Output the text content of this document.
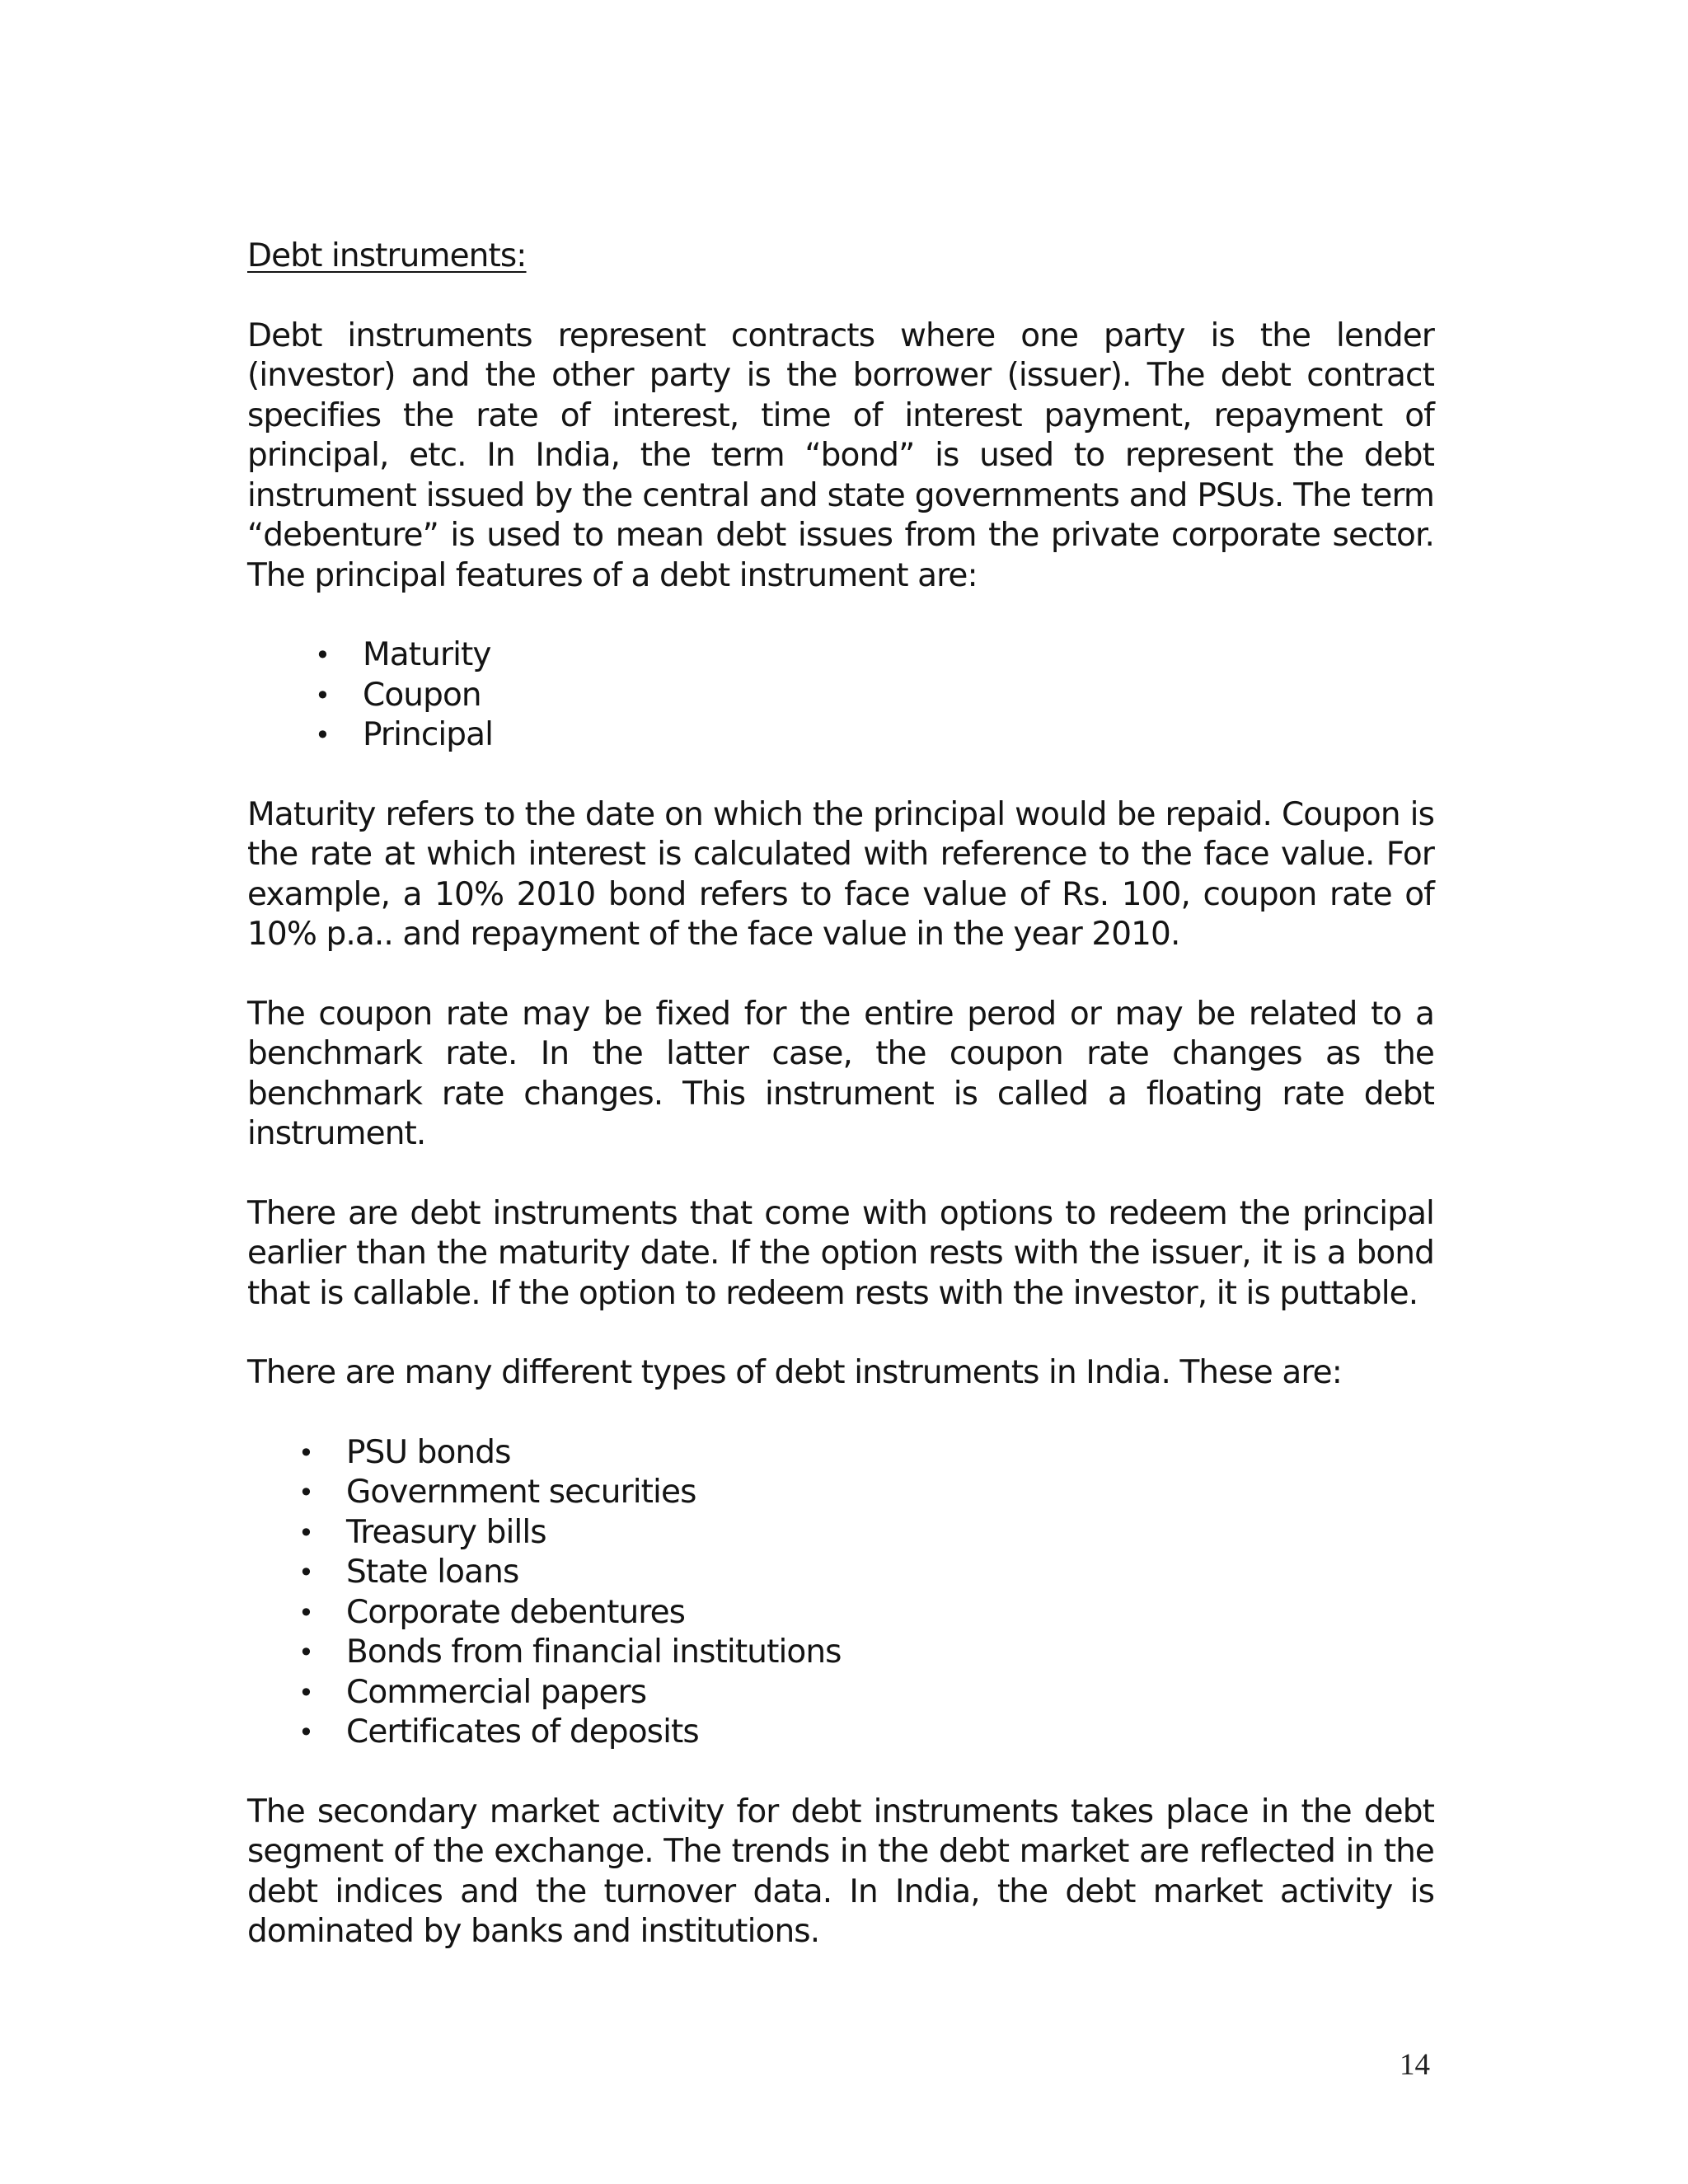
Debt instruments:

Debt instruments represent contracts where one party is the lender (investor) and the other party is the borrower (issuer). The debt contract specifies the rate of interest, time of interest payment, repayment of principal, etc. In India, the term “bond” is used to represent the debt instrument issued by the central and state governments and PSUs. The term “debenture” is used to mean debt issues from the private corporate sector. The principal features of a debt instrument are:

• Maturity
• Coupon
• Principal

Maturity refers to the date on which the principal would be repaid. Coupon is the rate at which interest is calculated with reference to the face value. For example, a 10% 2010 bond refers to face value of Rs. 100, coupon rate of 10% p.a.. and repayment of the face value in the year 2010.

The coupon rate may be fixed for the entire perod or may be related to a benchmark rate. In the latter case, the coupon rate changes as the benchmark rate changes. This instrument is called a floating rate debt instrument.

There are debt instruments that come with options to redeem the principal earlier than the maturity date. If the option rests with the issuer, it is a bond that is callable. If the option to redeem rests with the investor, it is puttable.

There are many different types of debt instruments in India. These are:

• PSU bonds
• Government securities
• Treasury bills
• State loans
• Corporate debentures
• Bonds from financial institutions
• Commercial papers
• Certificates of deposits

The secondary market activity for debt instruments takes place in the debt segment of the exchange. The trends in the debt market are reflected in the debt indices and the turnover data. In India, the debt market activity is dominated by banks and institutions.

14
